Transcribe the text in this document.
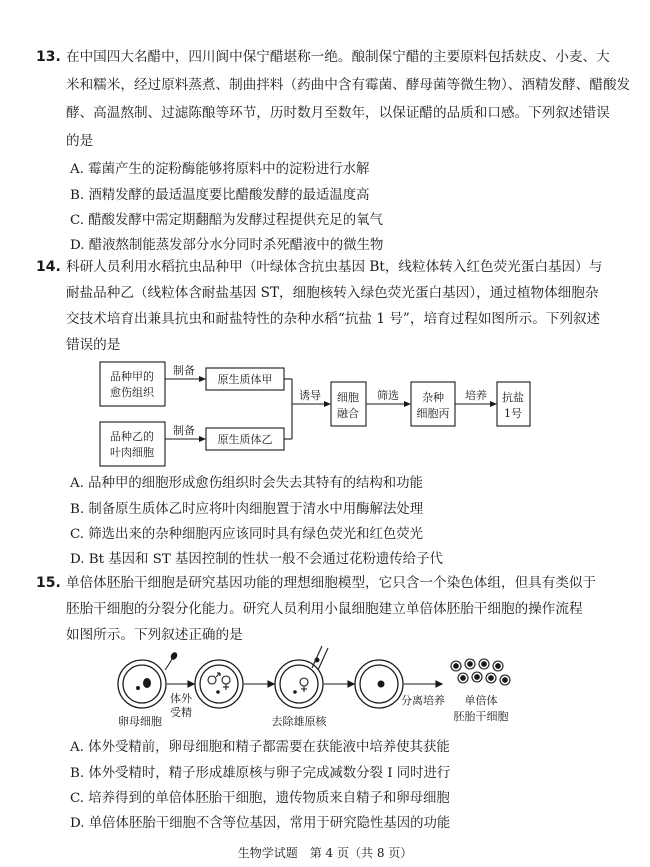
13. 在中国四大名醋中，四川阆中保宁醋堪称一绝。酿制保宁醋的主要原料包括麸皮、小麦、大
米和糯米，经过原料蒸煮、制曲拌料（药曲中含有霉菌、酵母菌等微生物）、酒精发酵、醋酸发
酵、高温熬制、过滤陈酿等环节，历时数月至数年，以保证醋的品质和口感。下列叙述错误
的是
A. 霉菌产生的淀粉酶能够将原料中的淀粉进行水解
B. 酒精发酵的最适温度要比醋酸发酵的最适温度高
C. 醋酸发酵中需定期翻醅为发酵过程提供充足的氧气
D. 醋液熬制能蒸发部分水分同时杀死醋液中的微生物
14. 科研人员利用水稻抗虫品种甲（叶绿体含抗虫基因 Bt，线粒体转入红色荧光蛋白基因）与
耐盐品种乙（线粒体含耐盐基因 ST，细胞核转入绿色荧光蛋白基因），通过植物体细胞杂
交技术培育出兼具抗虫和耐盐特性的杂种水稻“抗盐 1 号”，培育过程如图所示。下列叙述
错误的是
品种甲的
愈伤组织
品种乙的
叶肉细胞
制备
制备
原生质体甲
原生质体乙
诱导 细胞
融合
筛选 杂种
细胞丙
培养 抗盐
1号
A. 品种甲的细胞形成愈伤组织时会失去其特有的结构和功能
B. 制备原生质体乙时应将叶肉细胞置于清水中用酶解法处理
C. 筛选出来的杂种细胞丙应该同时具有绿色荧光和红色荧光
D. Bt 基因和 ST 基因控制的性状一般不会通过花粉遗传给子代
15. 单倍体胚胎干细胞是研究基因功能的理想细胞模型，它只含一个染色体组，但具有类似于
胚胎干细胞的分裂分化能力。研究人员利用小鼠细胞建立单倍体胚胎干细胞的操作流程
如图所示。下列叙述正确的是
卵母细胞
体外
受精
去除雄原核
分离培养 单倍体
胚胎干细胞
A. 体外受精前，卵母细胞和精子都需要在获能液中培养使其获能
B. 体外受精时，精子形成雄原核与卵子完成减数分裂 Ⅰ 同时进行
C. 培养得到的单倍体胚胎干细胞，遗传物质来自精子和卵母细胞
D. 单倍体胚胎干细胞不含等位基因，常用于研究隐性基因的功能
生物学试题　第 4 页（共 8 页）
